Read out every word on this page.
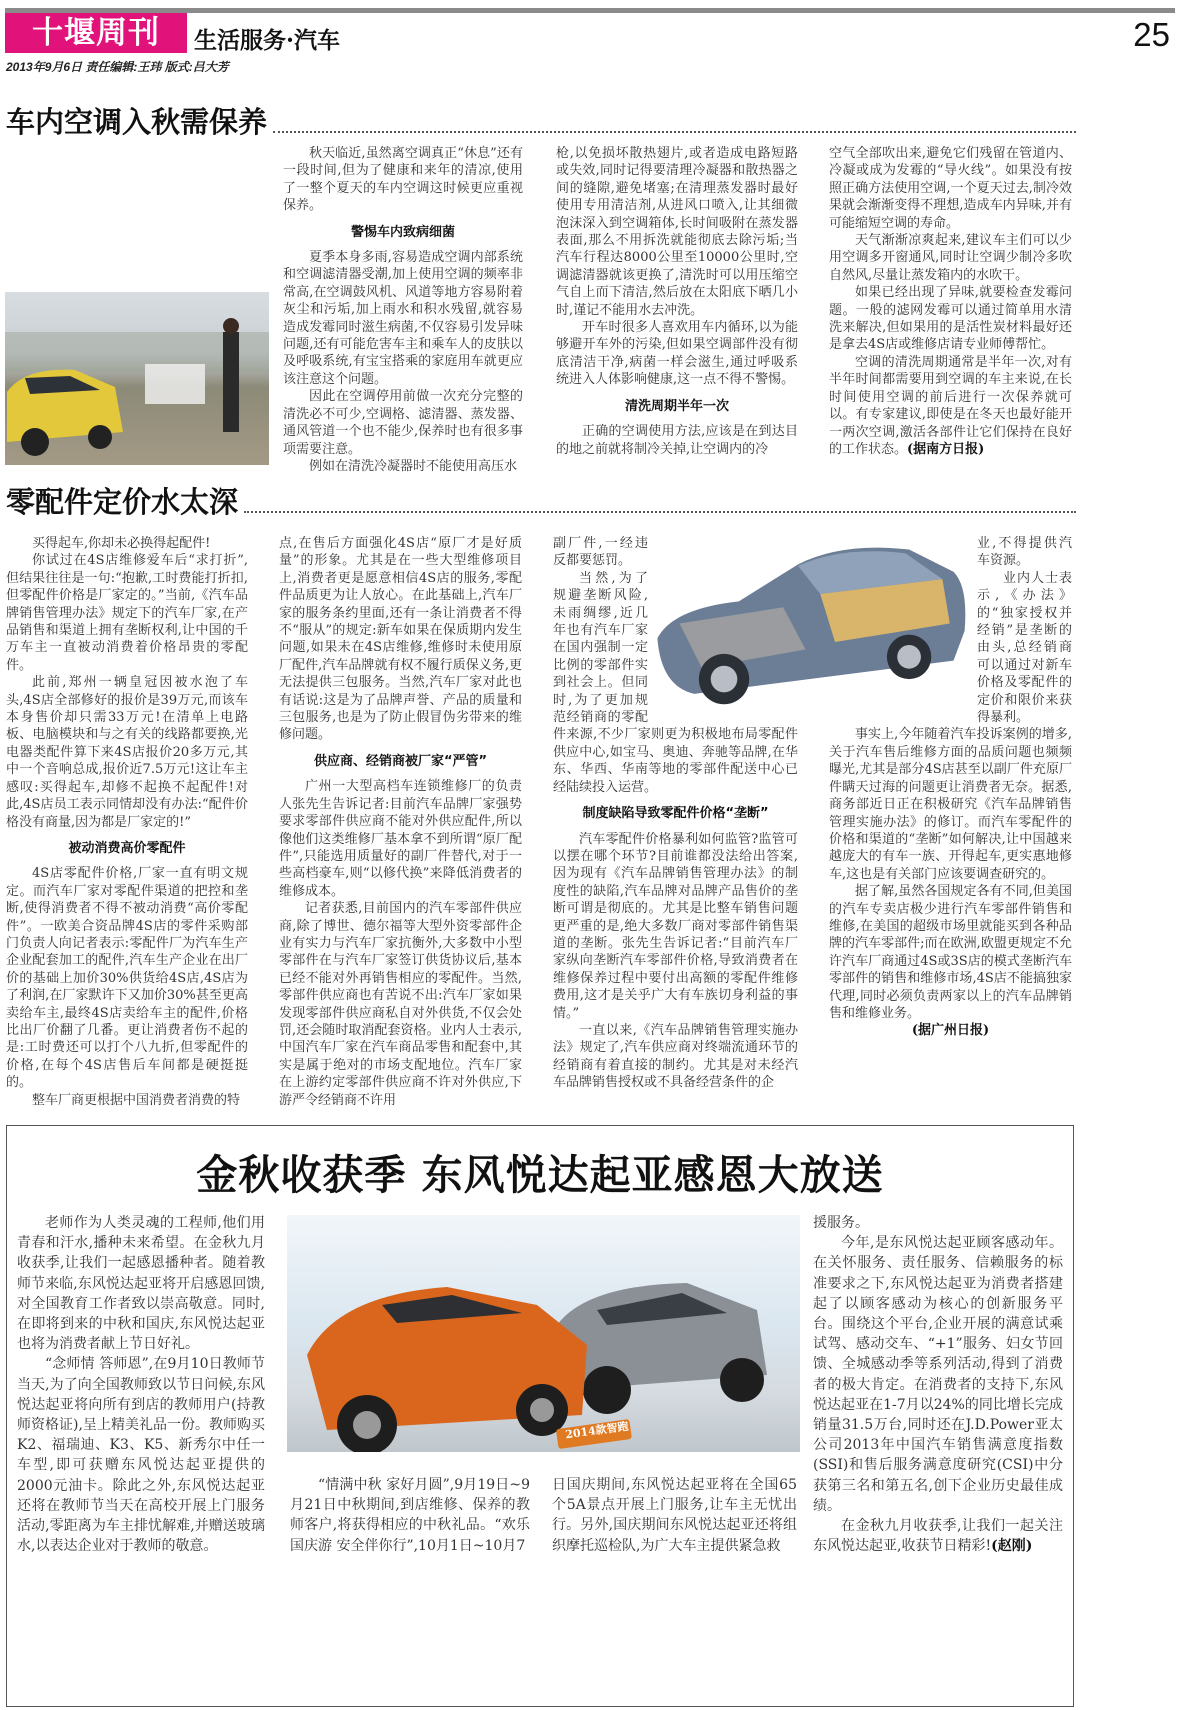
十堰周刊	生活服务·汽车	25
2013年9月6日 责任编辑:王玮 版式:吕大芳
车内空调入秋需保养

秋天临近,虽然离空调真正“休息”还有一段时间,但为了健康和来年的清凉,使用了一整个夏天的车内空调这时候更应重视保养。

警惕车内致病细菌

夏季本身多雨,容易造成空调内部系统和空调滤清器受潮,加上使用空调的频率非常高,在空调鼓风机、风道等地方容易附着灰尘和污垢,加上雨水和积水残留,就容易造成发霉同时滋生病菌,不仅容易引发异味问题,还有可能危害车主和乘车人的皮肤以及呼吸系统,有宝宝搭乘的家庭用车就更应该注意这个问题。

因此在空调停用前做一次充分完整的清洗必不可少,空调格、滤清器、蒸发器、通风管道一个也不能少,保养时也有很多事项需要注意。

例如在清洗冷凝器时不能使用高压水

枪,以免损坏散热翅片,或者造成电路短路或失效,同时记得要清理冷凝器和散热器之间的缝隙,避免堵塞;在清理蒸发器时最好使用专用清洁剂,从进风口喷入,让其细微泡沫深入到空调箱体,长时间吸附在蒸发器表面,那么不用拆洗就能彻底去除污垢;当汽车行程达8000公里至10000公里时,空调滤清器就该更换了,清洗时可以用压缩空气自上而下清洁,然后放在太阳底下晒几小时,谨记不能用水去冲洗。

开车时很多人喜欢用车内循环,以为能够避开车外的污染,但如果空调部件没有彻底清洁干净,病菌一样会滋生,通过呼吸系统进入人体影响健康,这一点不得不警惕。

清洗周期半年一次

正确的空调使用方法,应该是在到达目的地之前就将制冷关掉,让空调内的冷

空气全部吹出来,避免它们残留在管道内、冷凝或成为发霉的“导火线”。如果没有按照正确方法使用空调,一个夏天过去,制冷效果就会渐渐变得不理想,造成车内异味,并有可能缩短空调的寿命。

天气渐渐凉爽起来,建议车主们可以少用空调多开窗通风,同时让空调少制冷多吹自然风,尽量让蒸发箱内的水吹干。

如果已经出现了异味,就要检查发霉问题。一般的滤网发霉可以通过简单用水清洗来解决,但如果用的是活性炭材料最好还是拿去4S店或维修店请专业师傅帮忙。

空调的清洗周期通常是半年一次,对有半年时间都需要用到空调的车主来说,在长时间使用空调的前后进行一次保养就可以。有专家建议,即使是在冬天也最好能开一两次空调,激活各部件让它们保持在良好的工作状态。(据南方日报)

零配件定价水太深

买得起车,你却未必换得起配件!

你试过在4S店维修爱车后“求打折”,但结果往往是一句:“抱歉,工时费能打折扣,但零配件价格是厂家定的。”当前,《汽车品牌销售管理办法》规定下的汽车厂家,在产品销售和渠道上拥有垄断权利,让中国的千万车主一直被动消费着价格昂贵的零配件。

此前,郑州一辆皇冠因被水泡了车头,4S店全部修好的报价是39万元,而该车本身售价却只需33万元!在清单上电路板、电脑模块和与之有关的线路都要换,光电器类配件算下来4S店报价20多万元,其中一个音响总成,报价近7.5万元!这让车主感叹:买得起车,却修不起换不起配件!对此,4S店员工表示同情却没有办法:“配件价格没有商量,因为都是厂家定的!”

被动消费高价零配件

4S店零配件价格,厂家一直有明文规定。而汽车厂家对零配件渠道的把控和垄断,使得消费者不得不被动消费“高价零配件”。一欧美合资品牌4S店的零件采购部门负责人向记者表示:零配件厂为汽车生产企业配套加工的配件,汽车生产企业在出厂价的基础上加价30%供货给4S店,4S店为了利润,在厂家默许下又加价30%甚至更高卖给车主,最终4S店卖给车主的配件,价格比出厂价翻了几番。更让消费者伤不起的是:工时费还可以打个八九折,但零配件的价格,在每个4S店售后车间都是硬挺挺的。

整车厂商更根据中国消费者消费的特

点,在售后方面强化4S店“原厂才是好质量”的形象。尤其是在一些大型维修项目上,消费者更是愿意相信4S店的服务,零配件品质更为让人放心。在此基础上,汽车厂家的服务条约里面,还有一条让消费者不得不“服从”的规定:新车如果在保质期内发生问题,如果未在4S店维修,维修时未使用原厂配件,汽车品牌就有权不履行质保义务,更无法提供三包服务。当然,汽车厂家对此也有话说:这是为了品牌声誉、产品的质量和三包服务,也是为了防止假冒伪劣带来的维修问题。

供应商、经销商被厂家“严管”

广州一大型高档车连锁维修厂的负责人张先生告诉记者:目前汽车品牌厂家强势要求零部件供应商不能对外供应配件,所以像他们这类维修厂基本拿不到所谓“原厂配件”,只能选用质量好的副厂件替代,对于一些高档豪车,则“以修代换”来降低消费者的维修成本。

记者获悉,目前国内的汽车零部件供应商,除了博世、德尔福等大型外资零部件企业有实力与汽车厂家抗衡外,大多数中小型零部件在与汽车厂家签订供货协议后,基本已经不能对外再销售相应的零配件。当然,零部件供应商也有苦说不出:汽车厂家如果发现零部件供应商私自对外供货,不仅会处罚,还会随时取消配套资格。业内人士表示,中国汽车厂家在汽车商品零售和配套中,其实是属于绝对的市场支配地位。汽车厂家在上游约定零部件供应商不许对外供应,下游严令经销商不许用

副厂件,一经违反都要惩罚。

当然,为了规避垄断风险,未雨绸缪,近几年也有汽车厂家在国内强制一定比例的零部件实到社会上。但同时,为了更加规范经销商的零配件来源,不少厂家则更为积极地布局零配件供应中心,如宝马、奥迪、奔驰等品牌,在华东、华西、华南等地的零部件配送中心已经陆续投入运营。

制度缺陷导致零配件价格“垄断”

汽车零配件价格暴利如何监管?监管可以摆在哪个环节?目前谁都没法给出答案,因为现有《汽车品牌销售管理办法》的制度性的缺陷,汽车品牌对品牌产品售价的垄断可谓是彻底的。尤其是比整车销售问题更严重的是,绝大多数厂商对零部件销售渠道的垄断。张先生告诉记者:“目前汽车厂家纵向垄断汽车零部件价格,导致消费者在维修保养过程中要付出高额的零配件维修费用,这才是关乎广大有车族切身利益的事情。”

一直以来,《汽车品牌销售管理实施办法》规定了,汽车供应商对终端流通环节的经销商有着直接的制约。尤其是对未经汽车品牌销售授权或不具备经营条件的企

业,不得提供汽车资源。

业内人士表示,《办法》的“独家授权并经销”是垄断的由头,总经销商可以通过对新车价格及零配件的定价和限价来获得暴利。

事实上,今年随着汽车投诉案例的增多,关于汽车售后维修方面的品质问题也频频曝光,尤其是部分4S店甚至以副厂件充原厂件瞒天过海的问题更让消费者无奈。据悉,商务部近日正在积极研究《汽车品牌销售管理实施办法》的修订。而汽车零配件的价格和渠道的“垄断”如何解决,让中国越来越庞大的有车一族、开得起车,更实惠地修车,这也是有关部门应该要调查研究的。

据了解,虽然各国规定各有不同,但美国的汽车专卖店极少进行汽车零部件销售和维修,在美国的超级市场里就能买到各种品牌的汽车零部件;而在欧洲,欧盟更规定不允许汽车厂商通过4S或3S店的模式垄断汽车零部件的销售和维修市场,4S店不能搞独家代理,同时必须负责两家以上的汽车品牌销售和维修业务。

(据广州日报)

金秋收获季 东风悦达起亚感恩大放送

老师作为人类灵魂的工程师,他们用青春和汗水,播种未来希望。在金秋九月收获季,让我们一起感恩播种者。随着教师节来临,东风悦达起亚将开启感恩回馈,对全国教育工作者致以崇高敬意。同时,在即将到来的中秋和国庆,东风悦达起亚也将为消费者献上节日好礼。

“念师情 答师恩”,在9月10日教师节当天,为了向全国教师致以节日问候,东风悦达起亚将向所有到店的教师用户(持教师资格证),呈上精美礼品一份。教师购买K2、福瑞迪、K3、K5、新秀尔中任一车型,即可获赠东风悦达起亚提供的2000元油卡。除此之外,东风悦达起亚还将在教师节当天在高校开展上门服务活动,零距离为车主排忧解难,并赠送玻璃水,以表达企业对于教师的敬意。

2014款智跑

“情满中秋 家好月圆”,9月19日~9月21日中秋期间,到店维修、保养的教师客户,将获得相应的中秋礼品。“欢乐国庆游 安全伴你行”,10月1日~10月7

日国庆期间,东风悦达起亚将在全国65个5A景点开展上门服务,让车主无忧出行。另外,国庆期间东风悦达起亚还将组织摩托巡检队,为广大车主提供紧急救

援服务。

今年,是东风悦达起亚顾客感动年。在关怀服务、责任服务、信赖服务的标准要求之下,东风悦达起亚为消费者搭建起了以顾客感动为核心的创新服务平台。围绕这个平台,企业开展的满意试乘试驾、感动交车、“+1”服务、妇女节回馈、全城感动季等系列活动,得到了消费者的极大肯定。在消费者的支持下,东风悦达起亚在1-7月以24%的同比增长完成销量31.5万台,同时还在J.D.Power亚太公司2013年中国汽车销售满意度指数(SSI)和售后服务满意度研究(CSI)中分获第三名和第五名,创下企业历史最佳成绩。

在金秋九月收获季,让我们一起关注东风悦达起亚,收获节日精彩!(赵刚)
